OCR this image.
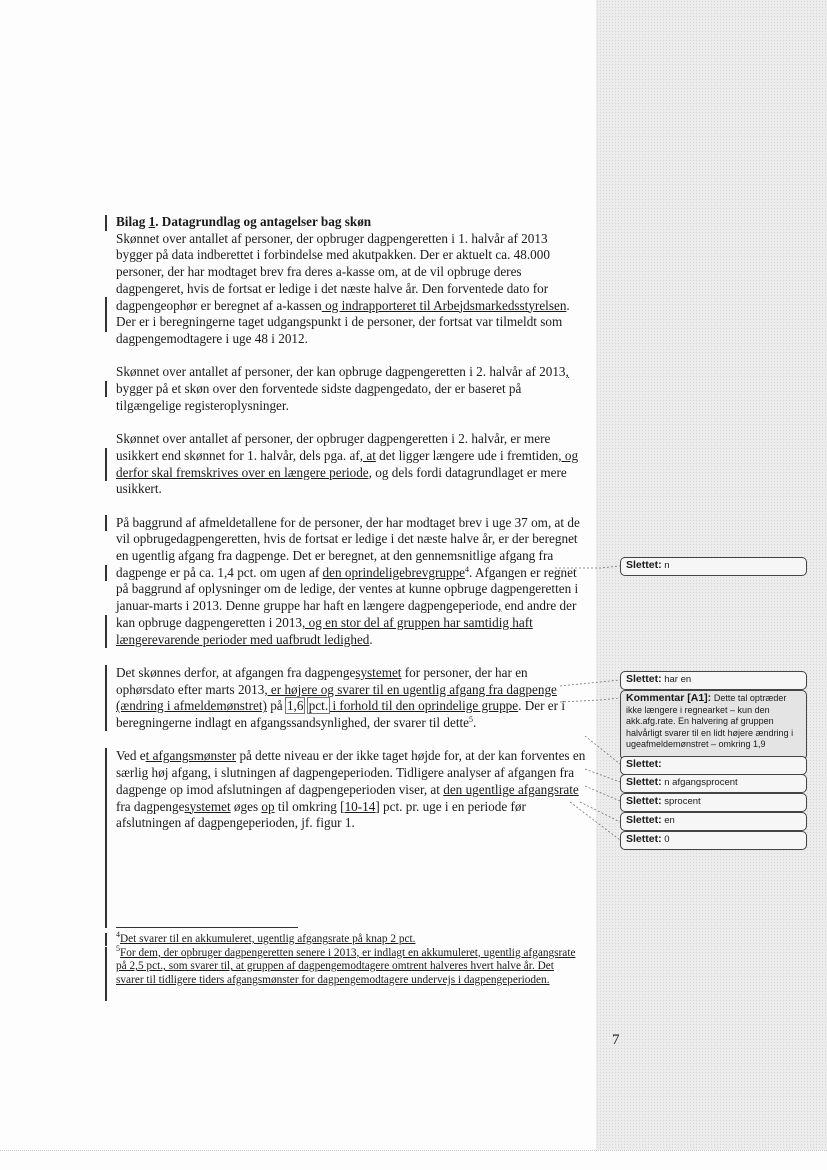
Bilag 1. Datagrundlag og antagelser bag skøn

Skønnet over antallet af personer, der opbruger dagpengeretten i 1. halvår af 2013 bygger på data indberettet i forbindelse med akutpakken. Der er aktuelt ca. 48.000 personer, der har modtaget brev fra deres a-kasse om, at de vil opbruge deres dagpengeret, hvis de fortsat er ledige i det næste halve år. Den forventede dato for dagpengeophør er beregnet af a-kassen og indrapporteret til Arbejdsmarkedsstyrelsen. Der er i beregningerne taget udgangspunkt i de personer, der fortsat var tilmeldt som dagpengemodtagere i uge 48 i 2012.

Skønnet over antallet af personer, der kan opbruge dagpengeretten i 2. halvår af 2013, bygger på et skøn over den forventede sidste dagpengedato, der er baseret på tilgængelige registeroplysninger.

Skønnet over antallet af personer, der opbruger dagpengeretten i 2. halvår, er mere usikkert end skønnet for 1. halvår, dels pga. af, at det ligger længere ude i fremtiden, og derfor skal fremskrives over en længere periode, og dels fordi datagrundlaget er mere usikkert.

På baggrund af afmeldetallene for de personer, der har modtaget brev i uge 37 om, at de vil opbrugedagpengeretten, hvis de fortsat er ledige i det næste halve år, er der beregnet en ugentlig afgang fra dagpenge. Det er beregnet, at den gennemsnitlige afgang fra dagpenge er på ca. 1,4 pct. om ugen af den oprindeligebrevgruppe$^4$. Afgangen er regnet på baggrund af oplysninger om de ledige, der ventes at kunne opbruge dagpengeretten i januar-marts i 2013. Denne gruppe har haft en længere dagpengeperiode, end andre der kan opbruge dagpengeretten i 2013, og en stor del af gruppen har samtidig haft længerevarende perioder med uafbrudt ledighed.

Det skønnes derfor, at afgangen fra dagpengesystemet for personer, der har en ophørsdato efter marts 2013, er højere og svarer til en ugentlig afgang fra dagpenge (ændring i afmeldemønstret) på 1,6 pct. i forhold til den oprindelige gruppe. Der er i beregningerne indlagt en afgangssandsynlighed, der svarer til dette$^5$.

Ved et afgangsmønster på dette niveau er der ikke taget højde for, at der kan forventes en særlig høj afgang, i slutningen af dagpengeperioden. Tidligere analyser af afgangen fra dagpenge op imod afslutningen af dagpengeperioden viser, at den ugentlige afgangsrate fra dagpengesystemet øges op til omkring [10-14] pct. pr. uge i en periode før afslutningen af dagpengeperioden, jf. figur 1.

$^4$Det svarer til en akkumuleret, ugentlig afgangsrate på knap 2 pct.

$^5$For dem, der opbruger dagpengeretten senere i 2013, er indlagt en akkumuleret, ugentlig afgangsrate på 2,5 pct., som svarer til, at gruppen af dagpengemodtagere omtrent halveres hvert halve år. Det svarer til tidligere tiders afgangsmønster for dagpengemodtagere undervejs i dagpengeperioden.

7
Slettet: n
Slettet: har en
Kommentar [A1]: Dette tal optræder ikke længere i regnearket – kun den akk.afg.rate. En halvering af gruppen halvårligt svarer til en lidt højere ændring i ugeafmeldemønstret – omkring 1,9
Slettet:
Slettet: n afgangsprocent
Slettet: sprocent
Slettet: en
Slettet: 0
